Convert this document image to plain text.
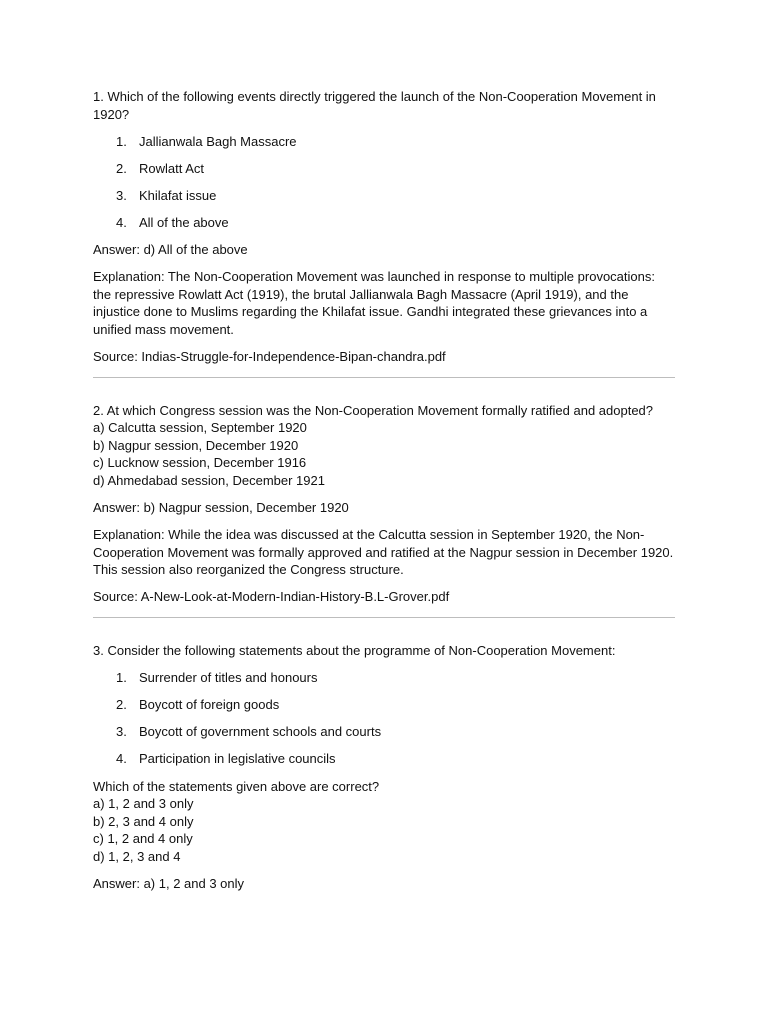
1. Which of the following events directly triggered the launch of the Non-Cooperation Movement in 1920?

1. Jallianwala Bagh Massacre
2. Rowlatt Act
3. Khilafat issue
4. All of the above

Answer: d) All of the above

Explanation: The Non-Cooperation Movement was launched in response to multiple provocations: the repressive Rowlatt Act (1919), the brutal Jallianwala Bagh Massacre (April 1919), and the injustice done to Muslims regarding the Khilafat issue. Gandhi integrated these grievances into a unified mass movement.

Source: Indias-Struggle-for-Independence-Bipan-chandra.pdf

2. At which Congress session was the Non-Cooperation Movement formally ratified and adopted?

a) Calcutta session, September 1920

b) Nagpur session, December 1920

c) Lucknow session, December 1916

d) Ahmedabad session, December 1921

Answer: b) Nagpur session, December 1920

Explanation: While the idea was discussed at the Calcutta session in September 1920, the Non-Cooperation Movement was formally approved and ratified at the Nagpur session in December 1920. This session also reorganized the Congress structure.

Source: A-New-Look-at-Modern-Indian-History-B.L-Grover.pdf

3. Consider the following statements about the programme of Non-Cooperation Movement:

1. Surrender of titles and honours
2. Boycott of foreign goods
3. Boycott of government schools and courts
4. Participation in legislative councils

Which of the statements given above are correct?

a) 1, 2 and 3 only

b) 2, 3 and 4 only

c) 1, 2 and 4 only

d) 1, 2, 3 and 4

Answer: a) 1, 2 and 3 only
